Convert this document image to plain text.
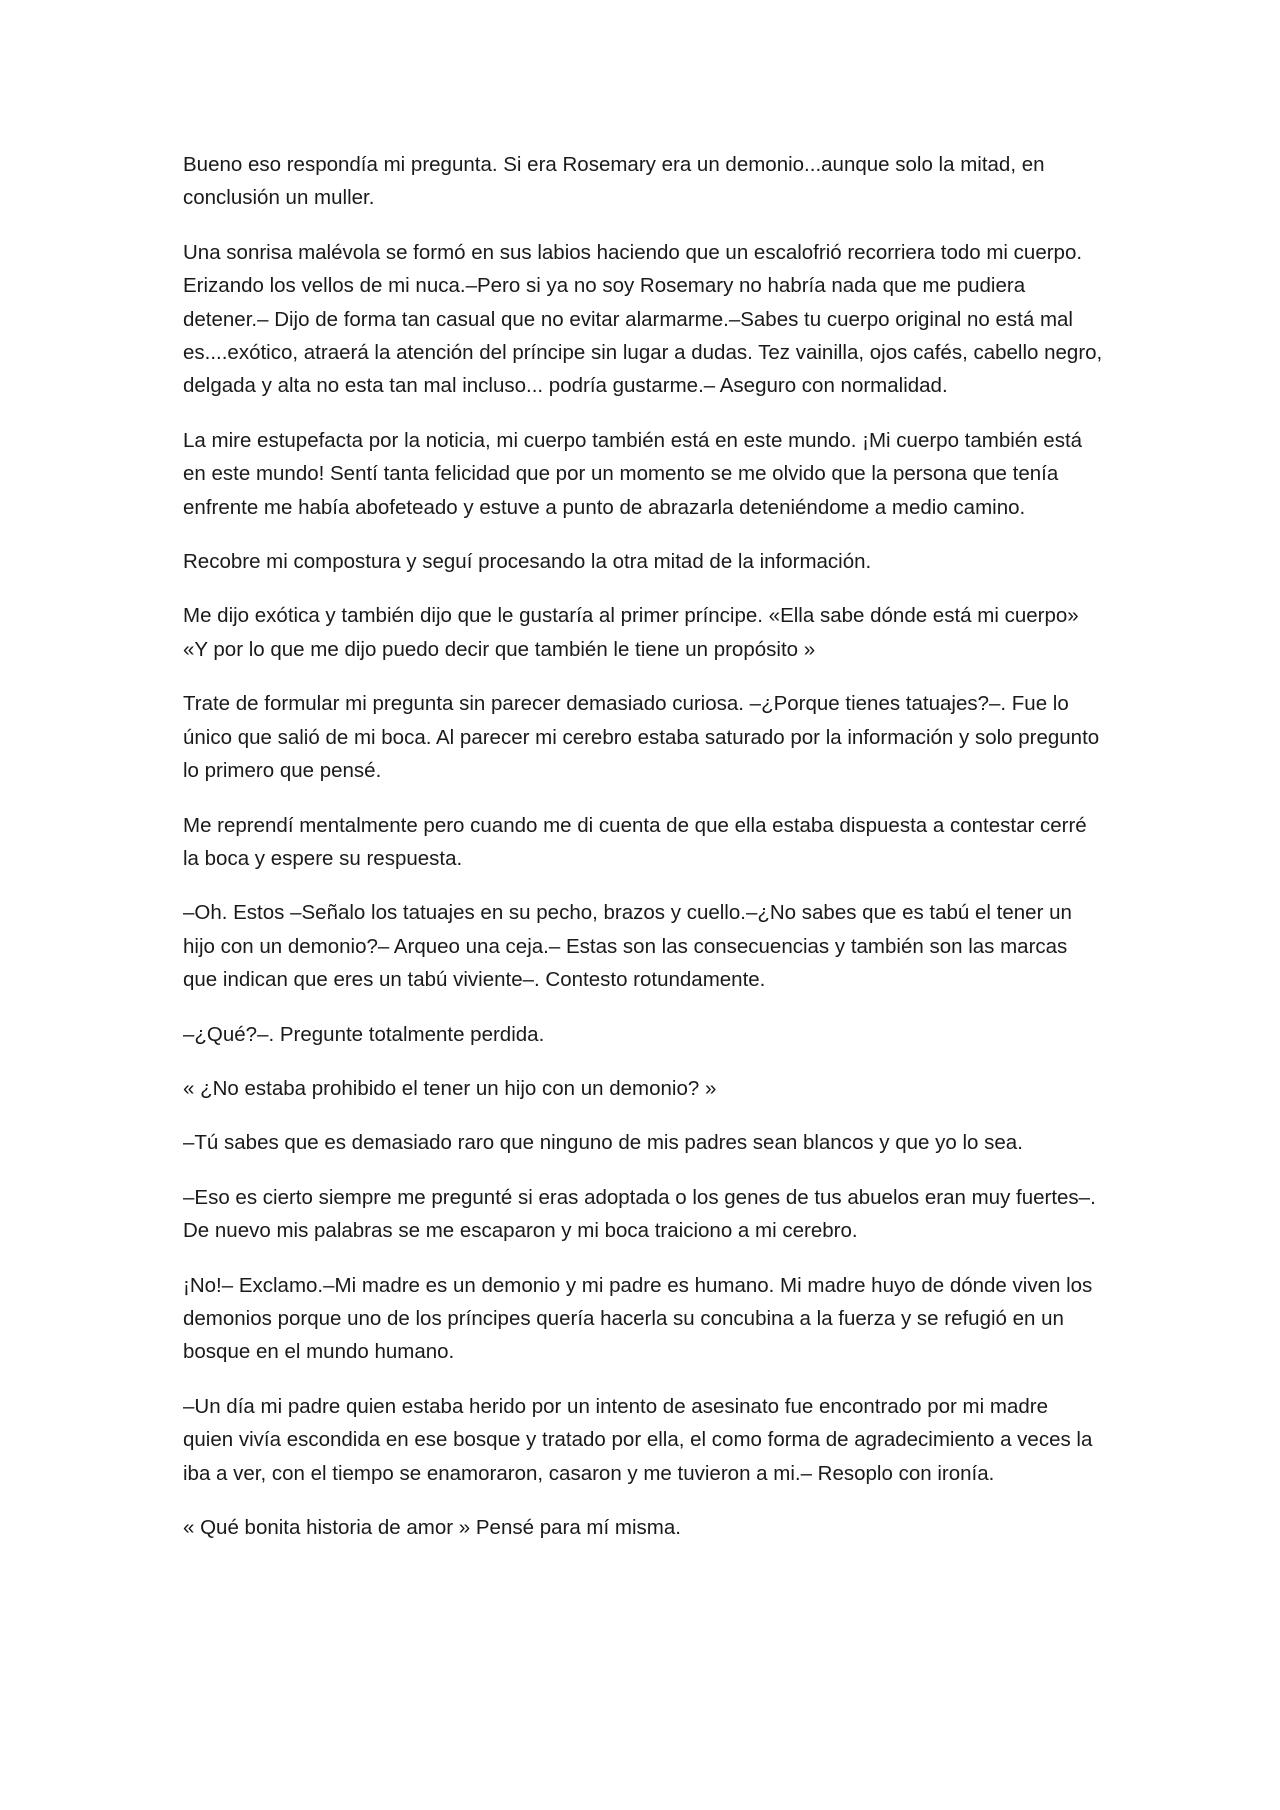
Bueno eso respondía mi pregunta. Si era Rosemary era un demonio...aunque solo la mitad, en conclusión un muller.

Una sonrisa malévola se formó en sus labios haciendo que un escalofrió recorriera todo mi cuerpo. Erizando los vellos de mi nuca.–Pero si ya no soy Rosemary no habría nada que me pudiera detener.– Dijo de forma tan casual que no evitar alarmarme.–Sabes tu cuerpo original no está mal es....exótico, atraerá la atención del príncipe sin lugar a dudas. Tez vainilla, ojos cafés, cabello negro, delgada y alta no esta tan mal incluso... podría gustarme.– Aseguro con normalidad.

La mire estupefacta por la noticia, mi cuerpo también está en este mundo. ¡Mi cuerpo también está en este mundo! Sentí tanta felicidad que por un momento se me olvido que la persona que tenía enfrente me había abofeteado y estuve a punto de abrazarla deteniéndome a medio camino.

Recobre mi compostura y seguí procesando la otra mitad de la información.

Me dijo exótica y también dijo que le gustaría al primer príncipe. «Ella sabe dónde está mi cuerpo» «Y por lo que me dijo puedo decir que también le tiene un propósito »

Trate de formular mi pregunta sin parecer demasiado curiosa. –¿Porque tienes tatuajes?–. Fue lo único que salió de mi boca. Al parecer mi cerebro estaba saturado por la información y solo pregunto lo primero que pensé.

Me reprendí mentalmente pero cuando me di cuenta de que ella estaba dispuesta a contestar cerré la boca y espere su respuesta.

–Oh. Estos –Señalo los tatuajes en su pecho, brazos y cuello.–¿No sabes que es tabú el tener un hijo con un demonio?– Arqueo una ceja.– Estas son las consecuencias y también son las marcas que indican que eres un tabú viviente–. Contesto rotundamente.

–¿Qué?–. Pregunte totalmente perdida.

« ¿No estaba prohibido el tener un hijo con un demonio? »

–Tú sabes que es demasiado raro que ninguno de mis padres sean blancos y que yo lo sea.

–Eso es cierto siempre me pregunté si eras adoptada o los genes de tus abuelos eran muy fuertes–. De nuevo mis palabras se me escaparon y mi boca traiciono a mi cerebro.

¡No!– Exclamo.–Mi madre es un demonio y mi padre es humano. Mi madre huyo de dónde viven los demonios porque uno de los príncipes quería hacerla su concubina a la fuerza y se refugió en un bosque en el mundo humano.

–Un día mi padre quien estaba herido por un intento de asesinato fue encontrado por mi madre quien vivía escondida en ese bosque y tratado por ella, el como forma de agradecimiento a veces la iba a ver, con el tiempo se enamoraron, casaron y me tuvieron a mi.– Resoplo con ironía.

« Qué bonita historia de amor » Pensé para mí misma.
